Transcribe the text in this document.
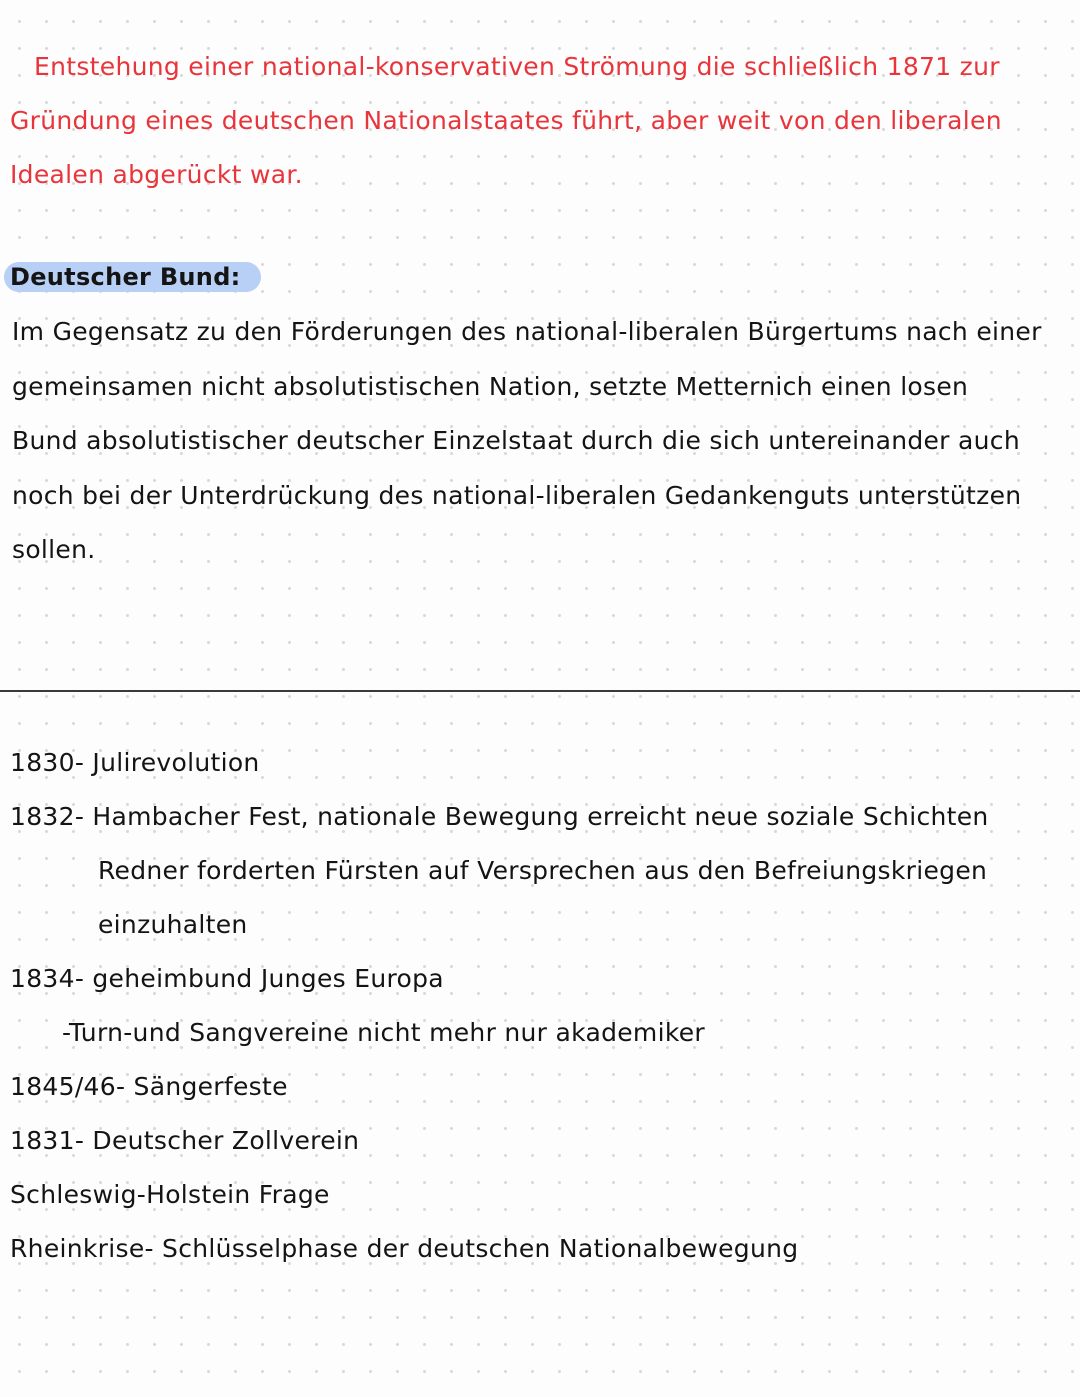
Entstehung einer national-konservativen Strömung die schließlich 1871 zur
Gründung eines deutschen Nationalstaates führt, aber weit von den liberalen
Idealen abgerückt war.
Deutscher Bund:
Im Gegensatz zu den Förderungen des national-liberalen Bürgertums nach einer
gemeinsamen nicht absolutistischen Nation, setzte Metternich einen losen
Bund absolutistischer deutscher Einzelstaat durch die sich untereinander auch
noch bei der Unterdrückung des national-liberalen Gedankenguts unterstützen
sollen.
1830- Julirevolution
1832- Hambacher Fest, nationale Bewegung erreicht neue soziale Schichten
Redner forderten Fürsten auf Versprechen aus den Befreiungskriegen
einzuhalten
1834- geheimbund Junges Europa
-Turn-und Sangvereine nicht mehr nur akademiker
1845/46- Sängerfeste
1831- Deutscher Zollverein
Schleswig-Holstein Frage
Rheinkrise- Schlüsselphase der deutschen Nationalbewegung
